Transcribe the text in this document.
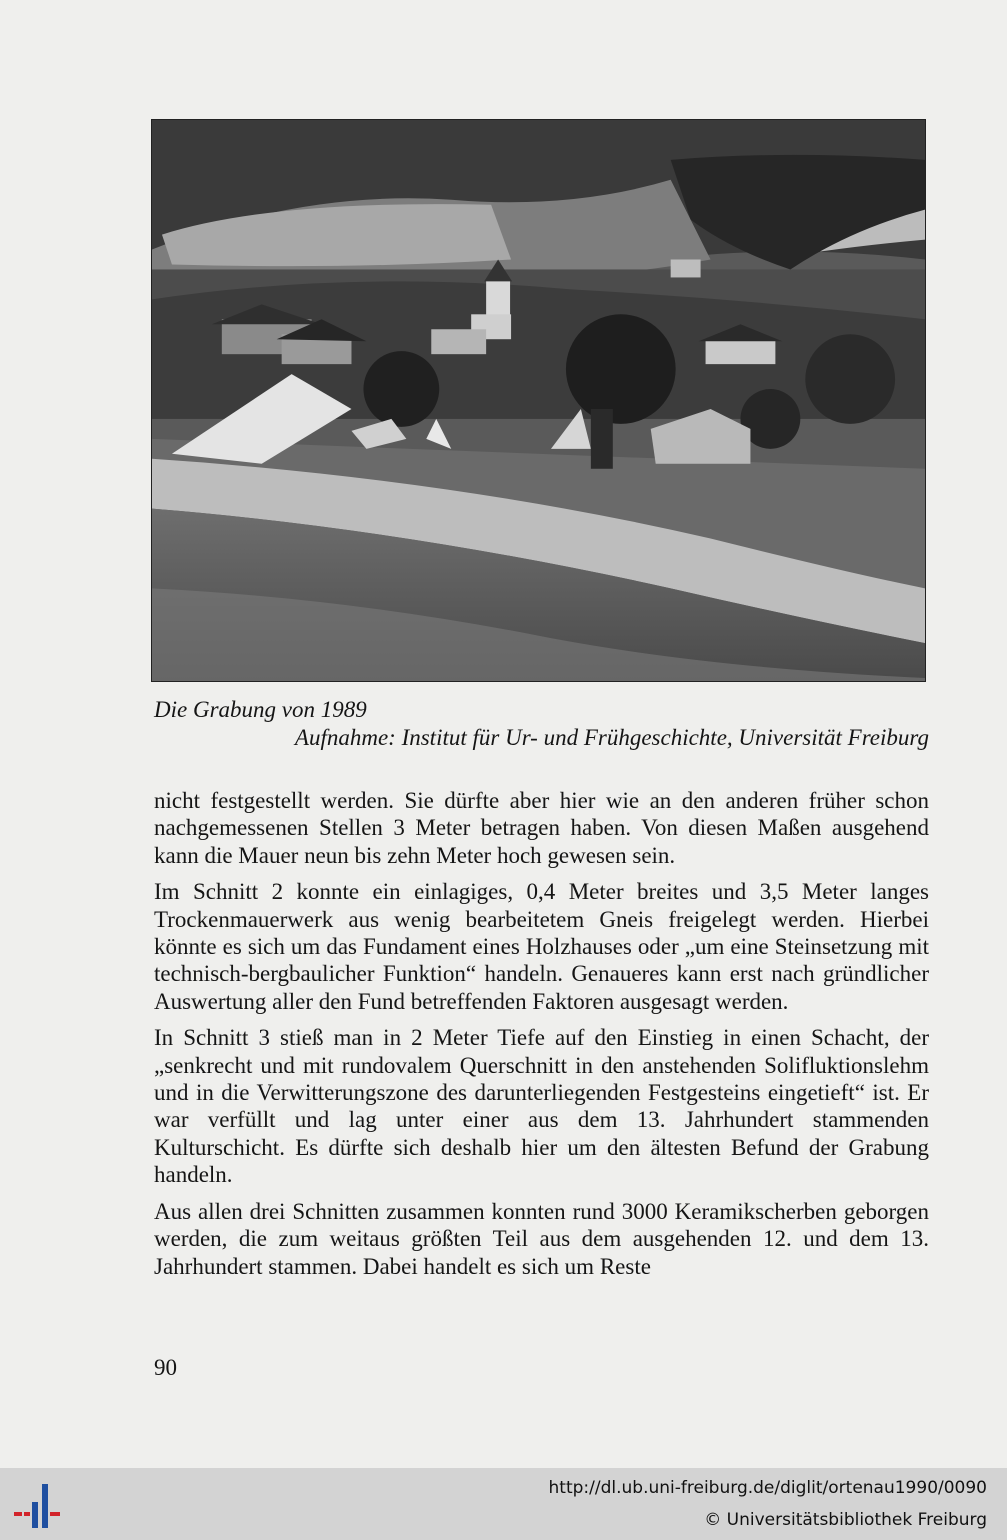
Die Grabung von 1989

Aufnahme: Institut für Ur- und Frühgeschichte, Universität Freiburg

nicht festgestellt werden. Sie dürfte aber hier wie an den anderen früher schon nachgemessenen Stellen 3 Meter betragen haben. Von diesen Maßen ausgehend kann die Mauer neun bis zehn Meter hoch gewesen sein.

Im Schnitt 2 konnte ein einlagiges, 0,4 Meter breites und 3,5 Meter langes Trockenmauerwerk aus wenig bearbeitetem Gneis freigelegt werden. Hierbei könnte es sich um das Fundament eines Holzhauses oder „um eine Steinsetzung mit technisch-bergbaulicher Funktion“ handeln. Genaueres kann erst nach gründlicher Auswertung aller den Fund betreffenden Faktoren ausgesagt werden.

In Schnitt 3 stieß man in 2 Meter Tiefe auf den Einstieg in einen Schacht, der „senkrecht und mit rundovalem Querschnitt in den anstehenden Solifluktionslehm und in die Verwitterungszone des darunterliegenden Festgesteins eingetieft“ ist. Er war verfüllt und lag unter einer aus dem 13. Jahrhundert stammenden Kulturschicht. Es dürfte sich deshalb hier um den ältesten Befund der Grabung handeln.

Aus allen drei Schnitten zusammen konnten rund 3000 Keramikscherben geborgen werden, die zum weitaus größten Teil aus dem ausgehenden 12. und dem 13. Jahrhundert stammen. Dabei handelt es sich um Reste

90

http://dl.ub.uni-freiburg.de/diglit/ortenau1990/0090
© Universitätsbibliothek Freiburg
